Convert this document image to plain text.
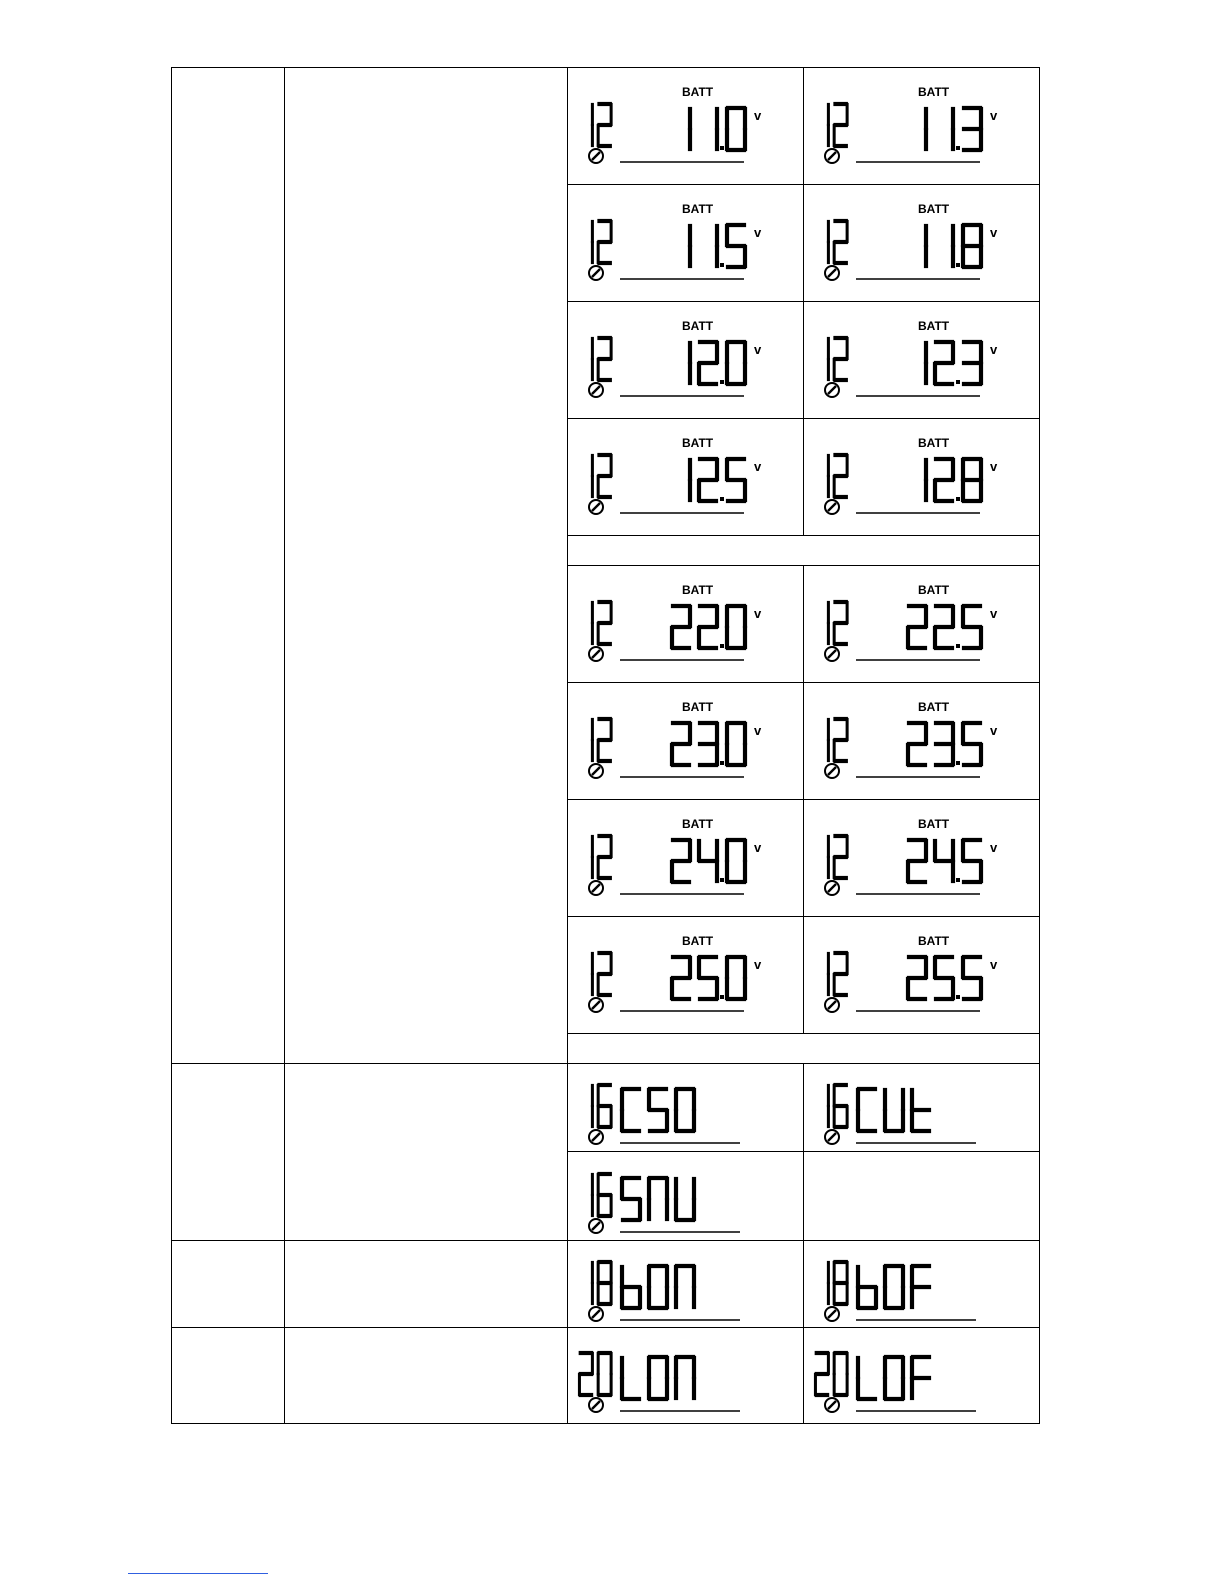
BATT
v
BATT
v
BATT
v
BATT
v
BATT
v
BATT
v
BATT
v
BATT
v
BATT
v
BATT
v
BATT
v
BATT
v
BATT
v
BATT
v
BATT
v
BATT
v
